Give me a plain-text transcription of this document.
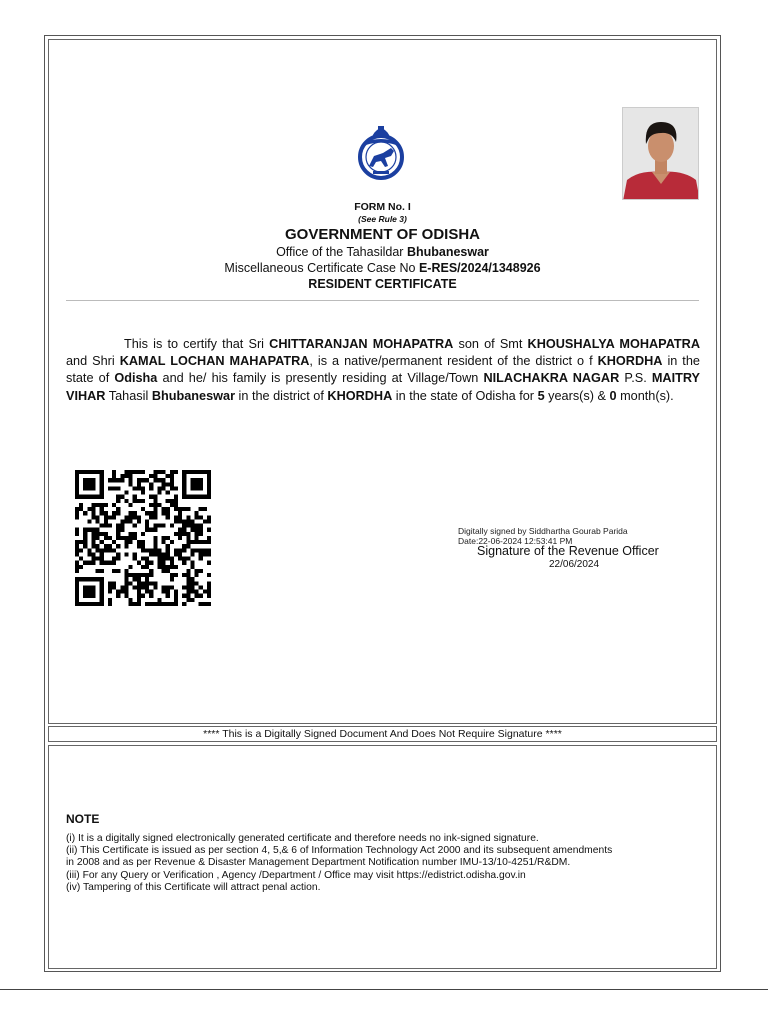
FORM No. I
(See Rule 3)
GOVERNMENT OF ODISHA
Office of the Tahasildar Bhubaneswar
Miscellaneous Certificate Case No E-RES/2024/1348926
RESIDENT CERTIFICATE
This is to certify that Sri CHITTARANJAN MOHAPATRA son of Smt KHOUSHALYA MOHAPATRA and Shri KAMAL LOCHAN MAHAPATRA, is a native/permanent resident of the district o f KHORDHA in the state of Odisha and he/ his family is presently residing at Village/Town NILACHAKRA NAGAR P.S. MAITRY VIHAR Tahasil Bhubaneswar in the district of KHORDHA in the state of Odisha for 5 years(s) & 0 month(s).
Digitally signed by Siddhartha Gourab Parida
Date:22-06-2024 12:53:41 PM
Signature of the Revenue Officer
22/06/2024
**** This is a Digitally Signed Document And Does Not Require Signature ****
NOTE
(i) It is a digitally signed electronically generated certificate and therefore needs no ink-signed signature.
(ii) This Certificate is issued as per section 4, 5,& 6 of Information Technology Act 2000 and its subsequent amendments
in 2008 and as per Revenue & Disaster Management Department Notification number IMU-13/10-4251/R&DM.
(iii) For any Query or Verification , Agency /Department / Office may visit https://edistrict.odisha.gov.in
(iv) Tampering of this Certificate will attract penal action.
